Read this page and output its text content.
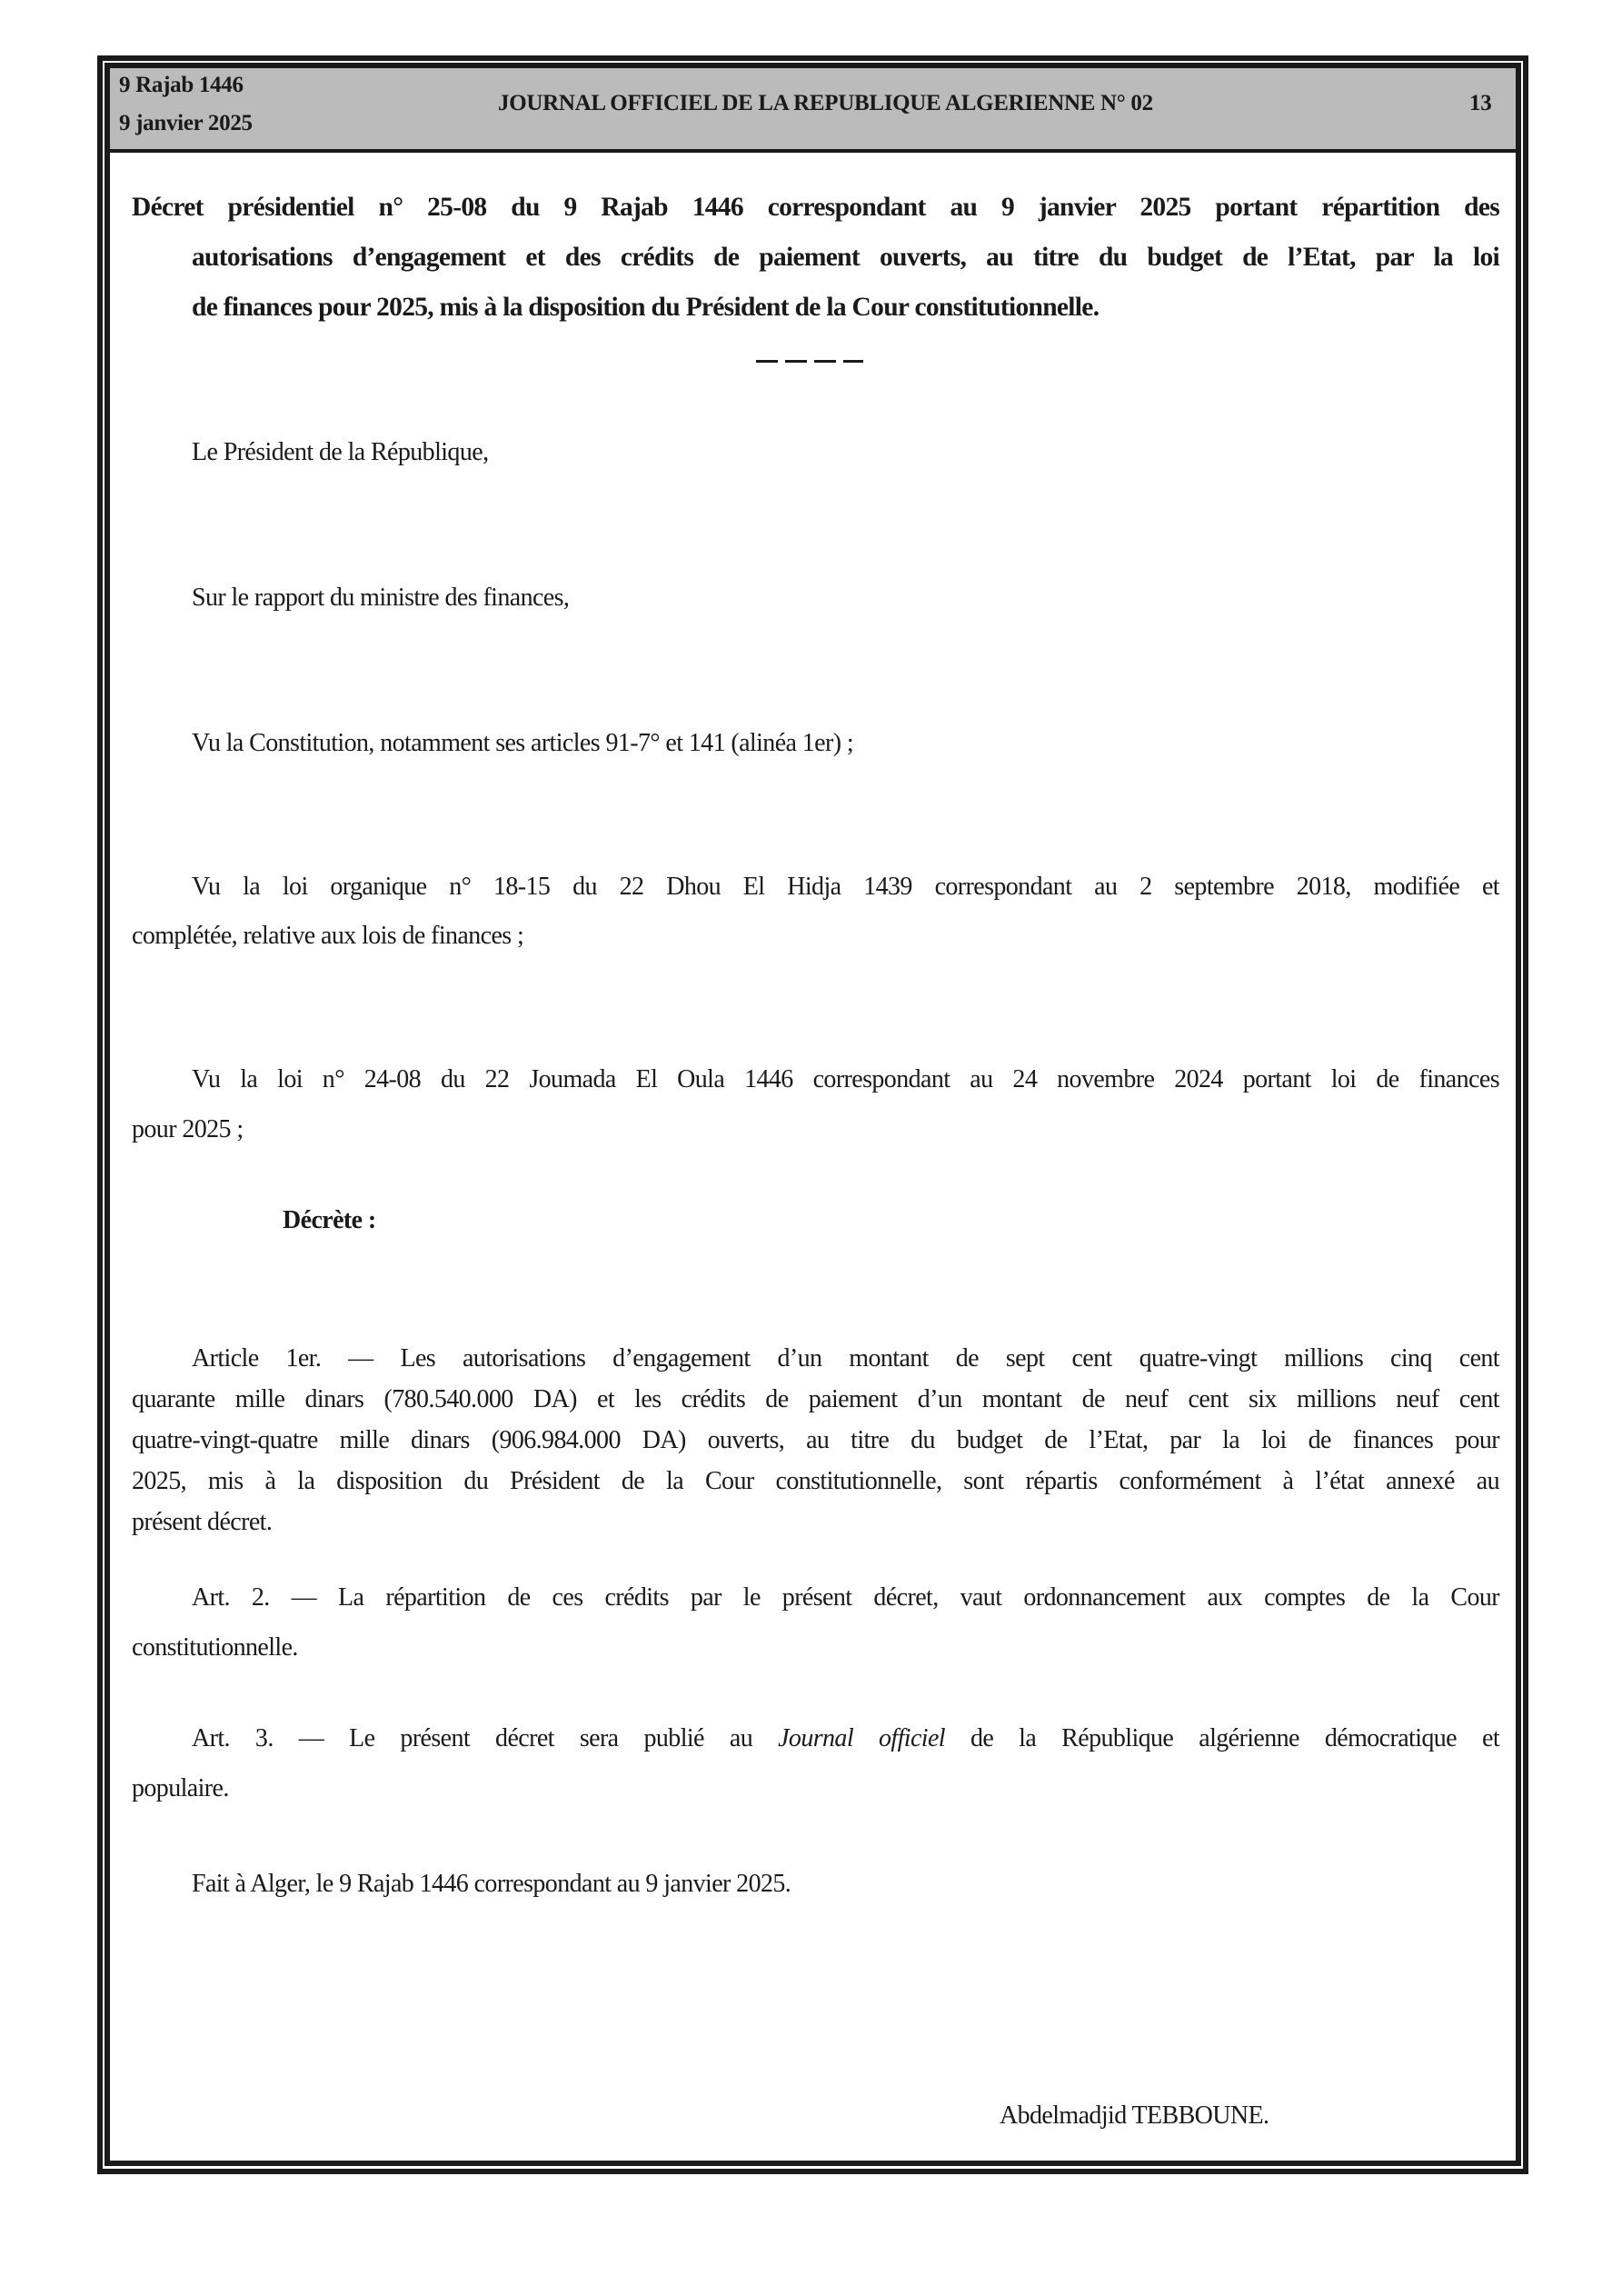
9 Rajab 1446
9 janvier 2025
JOURNAL OFFICIEL DE LA REPUBLIQUE ALGERIENNE N° 02	13
Décret présidentiel n° 25-08 du 9 Rajab 1446 correspondant au 9 janvier 2025 portant répartition des
autorisations d’engagement et des crédits de paiement ouverts, au titre du budget de l’Etat, par la loi
de finances pour 2025, mis à la disposition du Président de la Cour constitutionnelle.
Le Président de la République,
Sur le rapport du ministre des finances,
Vu la Constitution, notamment ses articles 91-7° et 141 (alinéa 1er) ;
Vu la loi organique n° 18-15 du 22 Dhou El Hidja 1439 correspondant au 2 septembre 2018, modifiée et
complétée, relative aux lois de finances ;
Vu la loi n° 24-08 du 22 Joumada El Oula 1446 correspondant au 24 novembre 2024 portant loi de finances
pour 2025 ;
Décrète :
Article 1er. — Les autorisations d’engagement d’un montant de sept cent quatre-vingt millions cinq cent
quarante mille dinars (780.540.000 DA) et les crédits de paiement d’un montant de neuf cent six millions neuf cent
quatre-vingt-quatre mille dinars (906.984.000 DA) ouverts, au titre du budget de l’Etat, par la loi de finances pour
2025, mis à la disposition du Président de la Cour constitutionnelle, sont répartis conformément à l’état annexé au
présent décret.
Art. 2. — La répartition de ces crédits par le présent décret, vaut ordonnancement aux comptes de la Cour
constitutionnelle.
Art. 3. — Le présent décret sera publié au Journal officiel de la République algérienne démocratique et
populaire.
Fait à Alger, le 9 Rajab 1446 correspondant au 9 janvier 2025.
Abdelmadjid TEBBOUNE.
